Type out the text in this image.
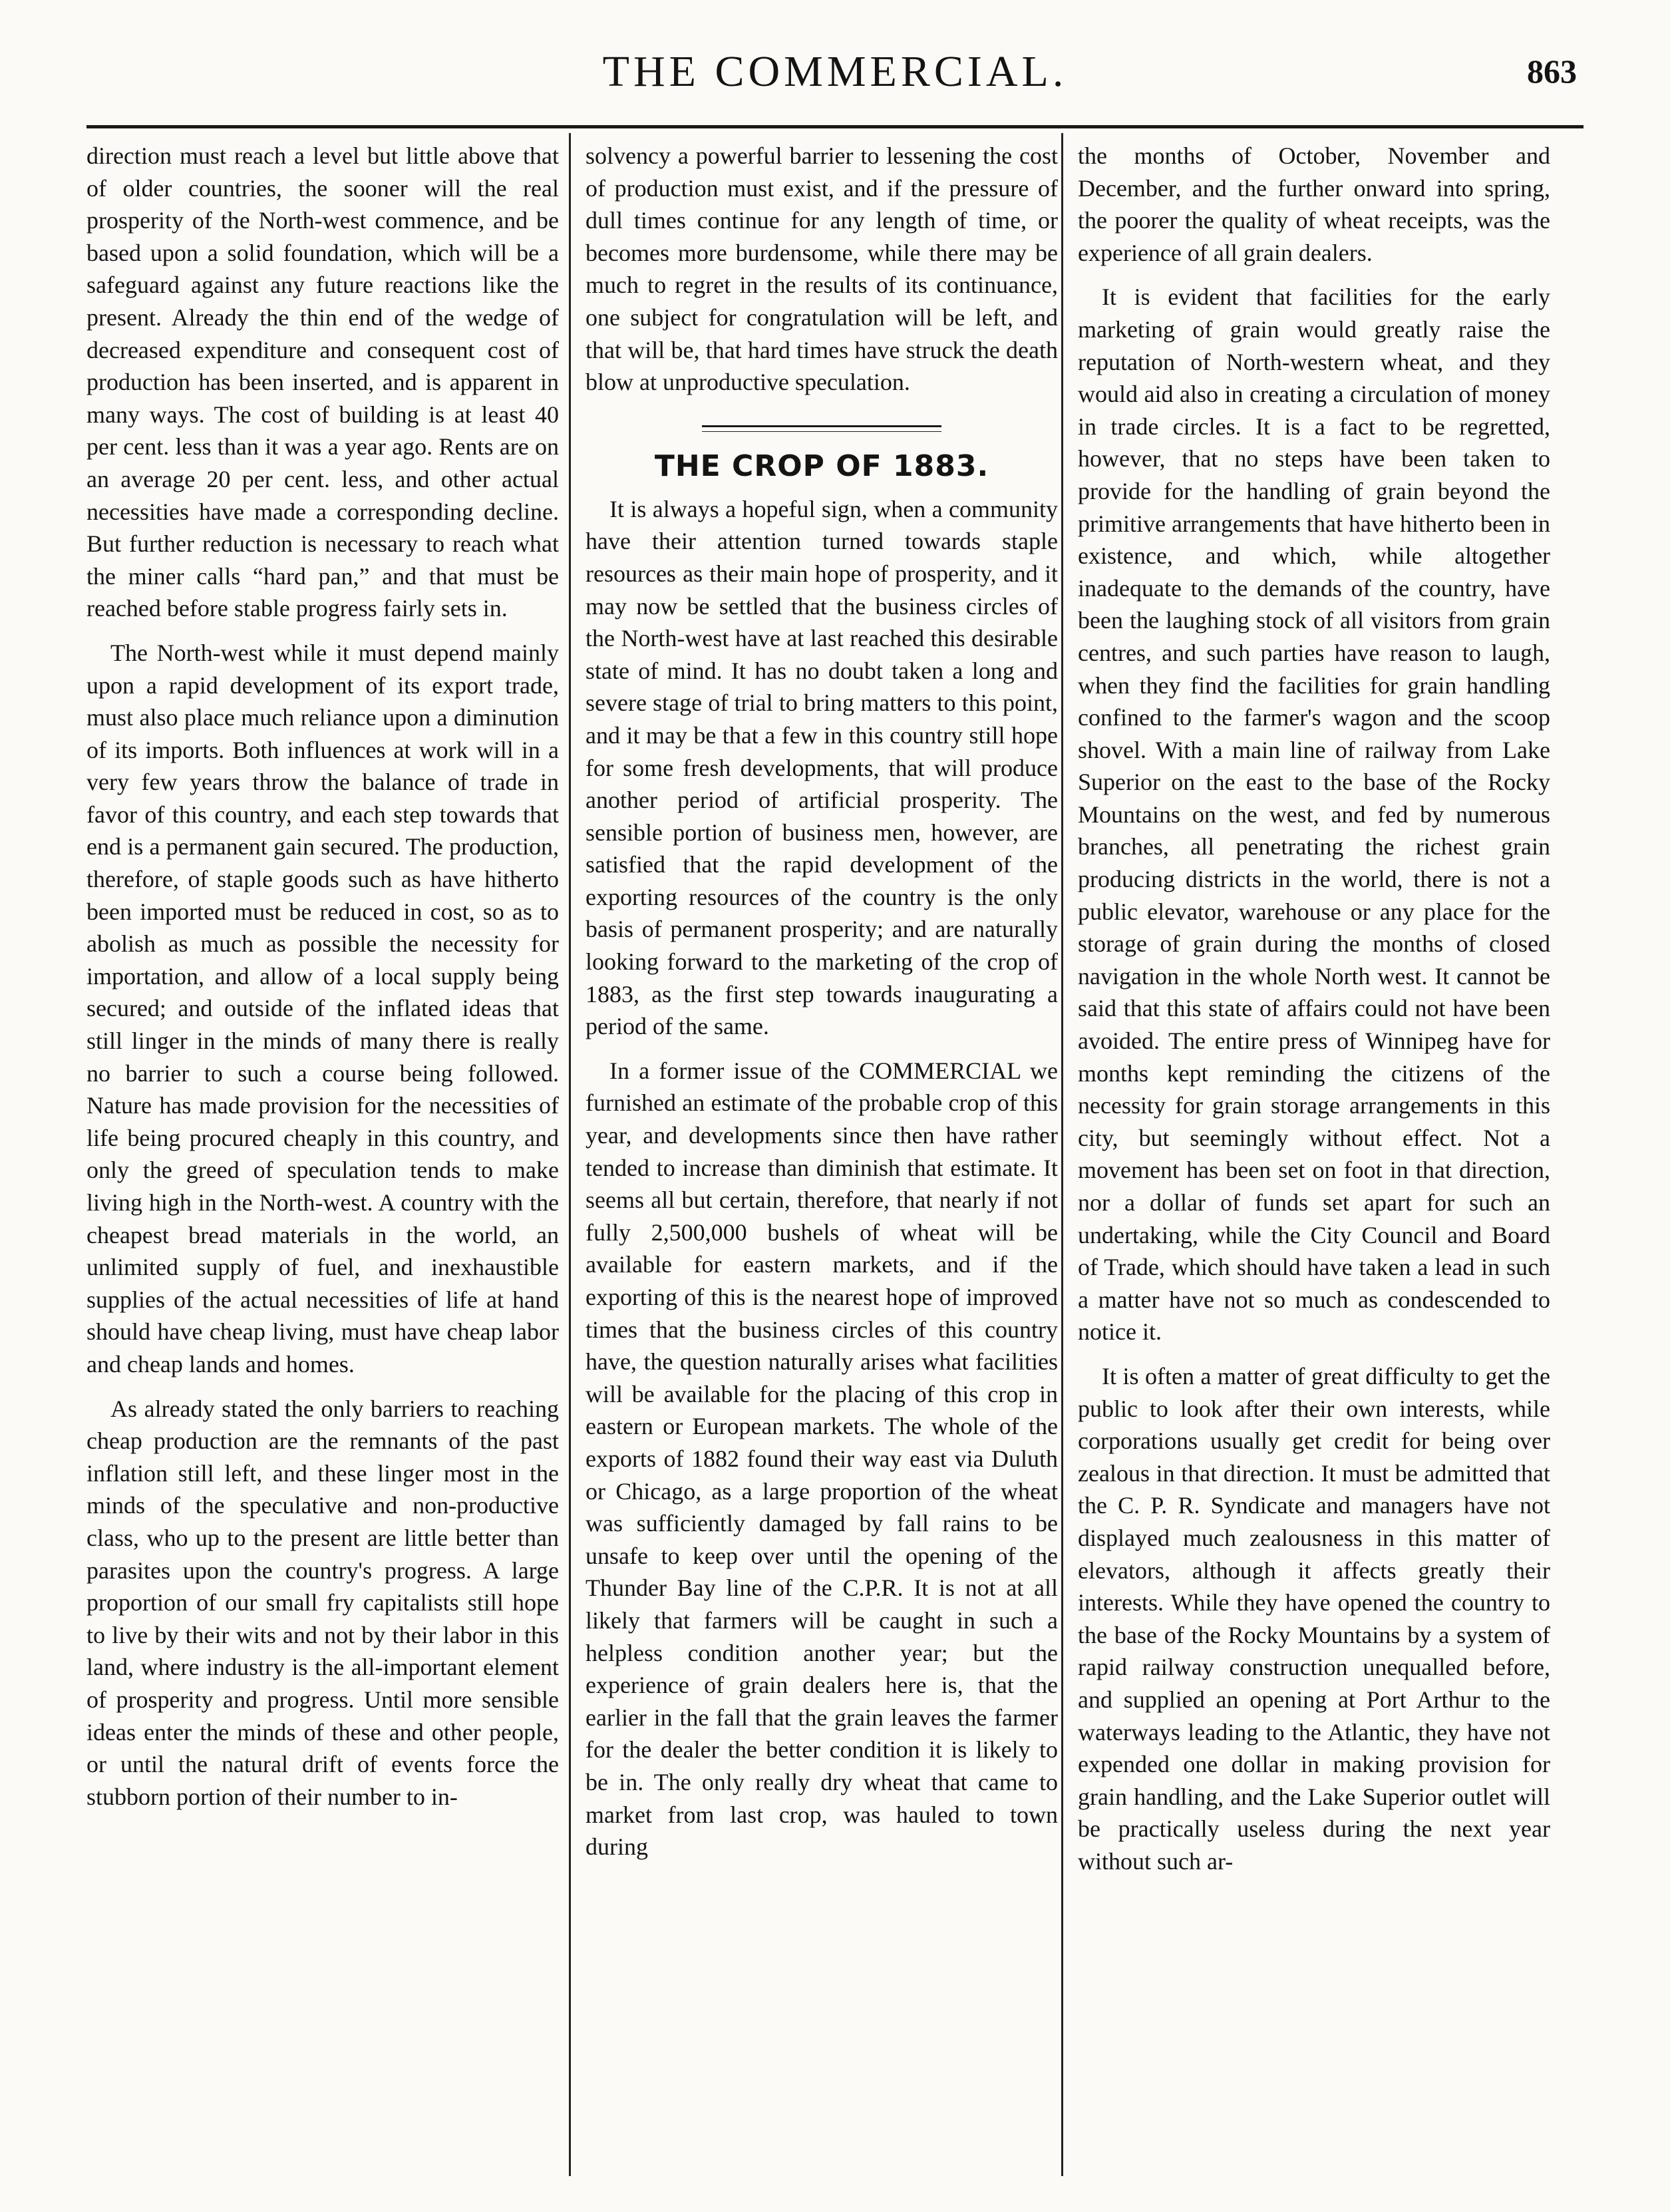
THE COMMERCIAL.	863

direction must reach a level but little above that of older countries, the sooner will the real prosperity of the North-west commence, and be based upon a solid foundation, which will be a safeguard against any future reactions like the present. Already the thin end of the wedge of decreased expenditure and consequent cost of production has been inserted, and is apparent in many ways. The cost of building is at least 40 per cent. less than it was a year ago. Rents are on an average 20 per cent. less, and other actual necessities have made a corresponding decline. But further reduction is necessary to reach what the miner calls “hard pan,” and that must be reached before stable progress fairly sets in.

The North-west while it must depend mainly upon a rapid development of its export trade, must also place much reliance upon a diminution of its imports. Both influences at work will in a very few years throw the balance of trade in favor of this country, and each step towards that end is a permanent gain secured. The production, therefore, of staple goods such as have hitherto been imported must be reduced in cost, so as to abolish as much as possible the necessity for importation, and allow of a local supply being secured; and outside of the inflated ideas that still linger in the minds of many there is really no barrier to such a course being followed. Nature has made provision for the necessities of life being procured cheaply in this country, and only the greed of speculation tends to make living high in the North-west. A country with the cheapest bread materials in the world, an unlimited supply of fuel, and inexhaustible supplies of the actual necessities of life at hand should have cheap living, must have cheap labor and cheap lands and homes.

As already stated the only barriers to reaching cheap production are the remnants of the past inflation still left, and these linger most in the minds of the speculative and non-productive class, who up to the present are little better than parasites upon the country's progress. A large proportion of our small fry capitalists still hope to live by their wits and not by their labor in this land, where industry is the all-important element of prosperity and progress. Until more sensible ideas enter the minds of these and other people, or until the natural drift of events force the stubborn portion of their number to in-

solvency a powerful barrier to lessening the cost of production must exist, and if the pressure of dull times continue for any length of time, or becomes more burdensome, while there may be much to regret in the results of its continuance, one subject for congratulation will be left, and that will be, that hard times have struck the death blow at unproductive speculation.

THE CROP OF 1883.

It is always a hopeful sign, when a community have their attention turned towards staple resources as their main hope of prosperity, and it may now be settled that the business circles of the North-west have at last reached this desirable state of mind. It has no doubt taken a long and severe stage of trial to bring matters to this point, and it may be that a few in this country still hope for some fresh developments, that will produce another period of artificial prosperity. The sensible portion of business men, however, are satisfied that the rapid development of the exporting resources of the country is the only basis of permanent prosperity; and are naturally looking forward to the marketing of the crop of 1883, as the first step towards inaugurating a period of the same.

In a former issue of the COMMERCIAL we furnished an estimate of the probable crop of this year, and developments since then have rather tended to increase than diminish that estimate. It seems all but certain, therefore, that nearly if not fully 2,500,000 bushels of wheat will be available for eastern markets, and if the exporting of this is the nearest hope of improved times that the business circles of this country have, the question naturally arises what facilities will be available for the placing of this crop in eastern or European markets. The whole of the exports of 1882 found their way east via Duluth or Chicago, as a large proportion of the wheat was sufficiently damaged by fall rains to be unsafe to keep over until the opening of the Thunder Bay line of the C.P.R. It is not at all likely that farmers will be caught in such a helpless condition another year; but the experience of grain dealers here is, that the earlier in the fall that the grain leaves the farmer for the dealer the better condition it is likely to be in. The only really dry wheat that came to market from last crop, was hauled to town during

the months of October, November and December, and the further onward into spring, the poorer the quality of wheat receipts, was the experience of all grain dealers.

It is evident that facilities for the early marketing of grain would greatly raise the reputation of North-western wheat, and they would aid also in creating a circulation of money in trade circles. It is a fact to be regretted, however, that no steps have been taken to provide for the handling of grain beyond the primitive arrangements that have hitherto been in existence, and which, while altogether inadequate to the demands of the country, have been the laughing stock of all visitors from grain centres, and such parties have reason to laugh, when they find the facilities for grain handling confined to the farmer's wagon and the scoop shovel. With a main line of railway from Lake Superior on the east to the base of the Rocky Mountains on the west, and fed by numerous branches, all penetrating the richest grain producing districts in the world, there is not a public elevator, warehouse or any place for the storage of grain during the months of closed navigation in the whole North west. It cannot be said that this state of affairs could not have been avoided. The entire press of Winnipeg have for months kept reminding the citizens of the necessity for grain storage arrangements in this city, but seemingly without effect. Not a movement has been set on foot in that direction, nor a dollar of funds set apart for such an undertaking, while the City Council and Board of Trade, which should have taken a lead in such a matter have not so much as condescended to notice it.

It is often a matter of great difficulty to get the public to look after their own interests, while corporations usually get credit for being over zealous in that direction. It must be admitted that the C. P. R. Syndicate and managers have not displayed much zealousness in this matter of elevators, although it affects greatly their interests. While they have opened the country to the base of the Rocky Mountains by a system of rapid railway construction unequalled before, and supplied an opening at Port Arthur to the waterways leading to the Atlantic, they have not expended one dollar in making provision for grain handling, and the Lake Superior outlet will be practically useless during the next year without such ar-
